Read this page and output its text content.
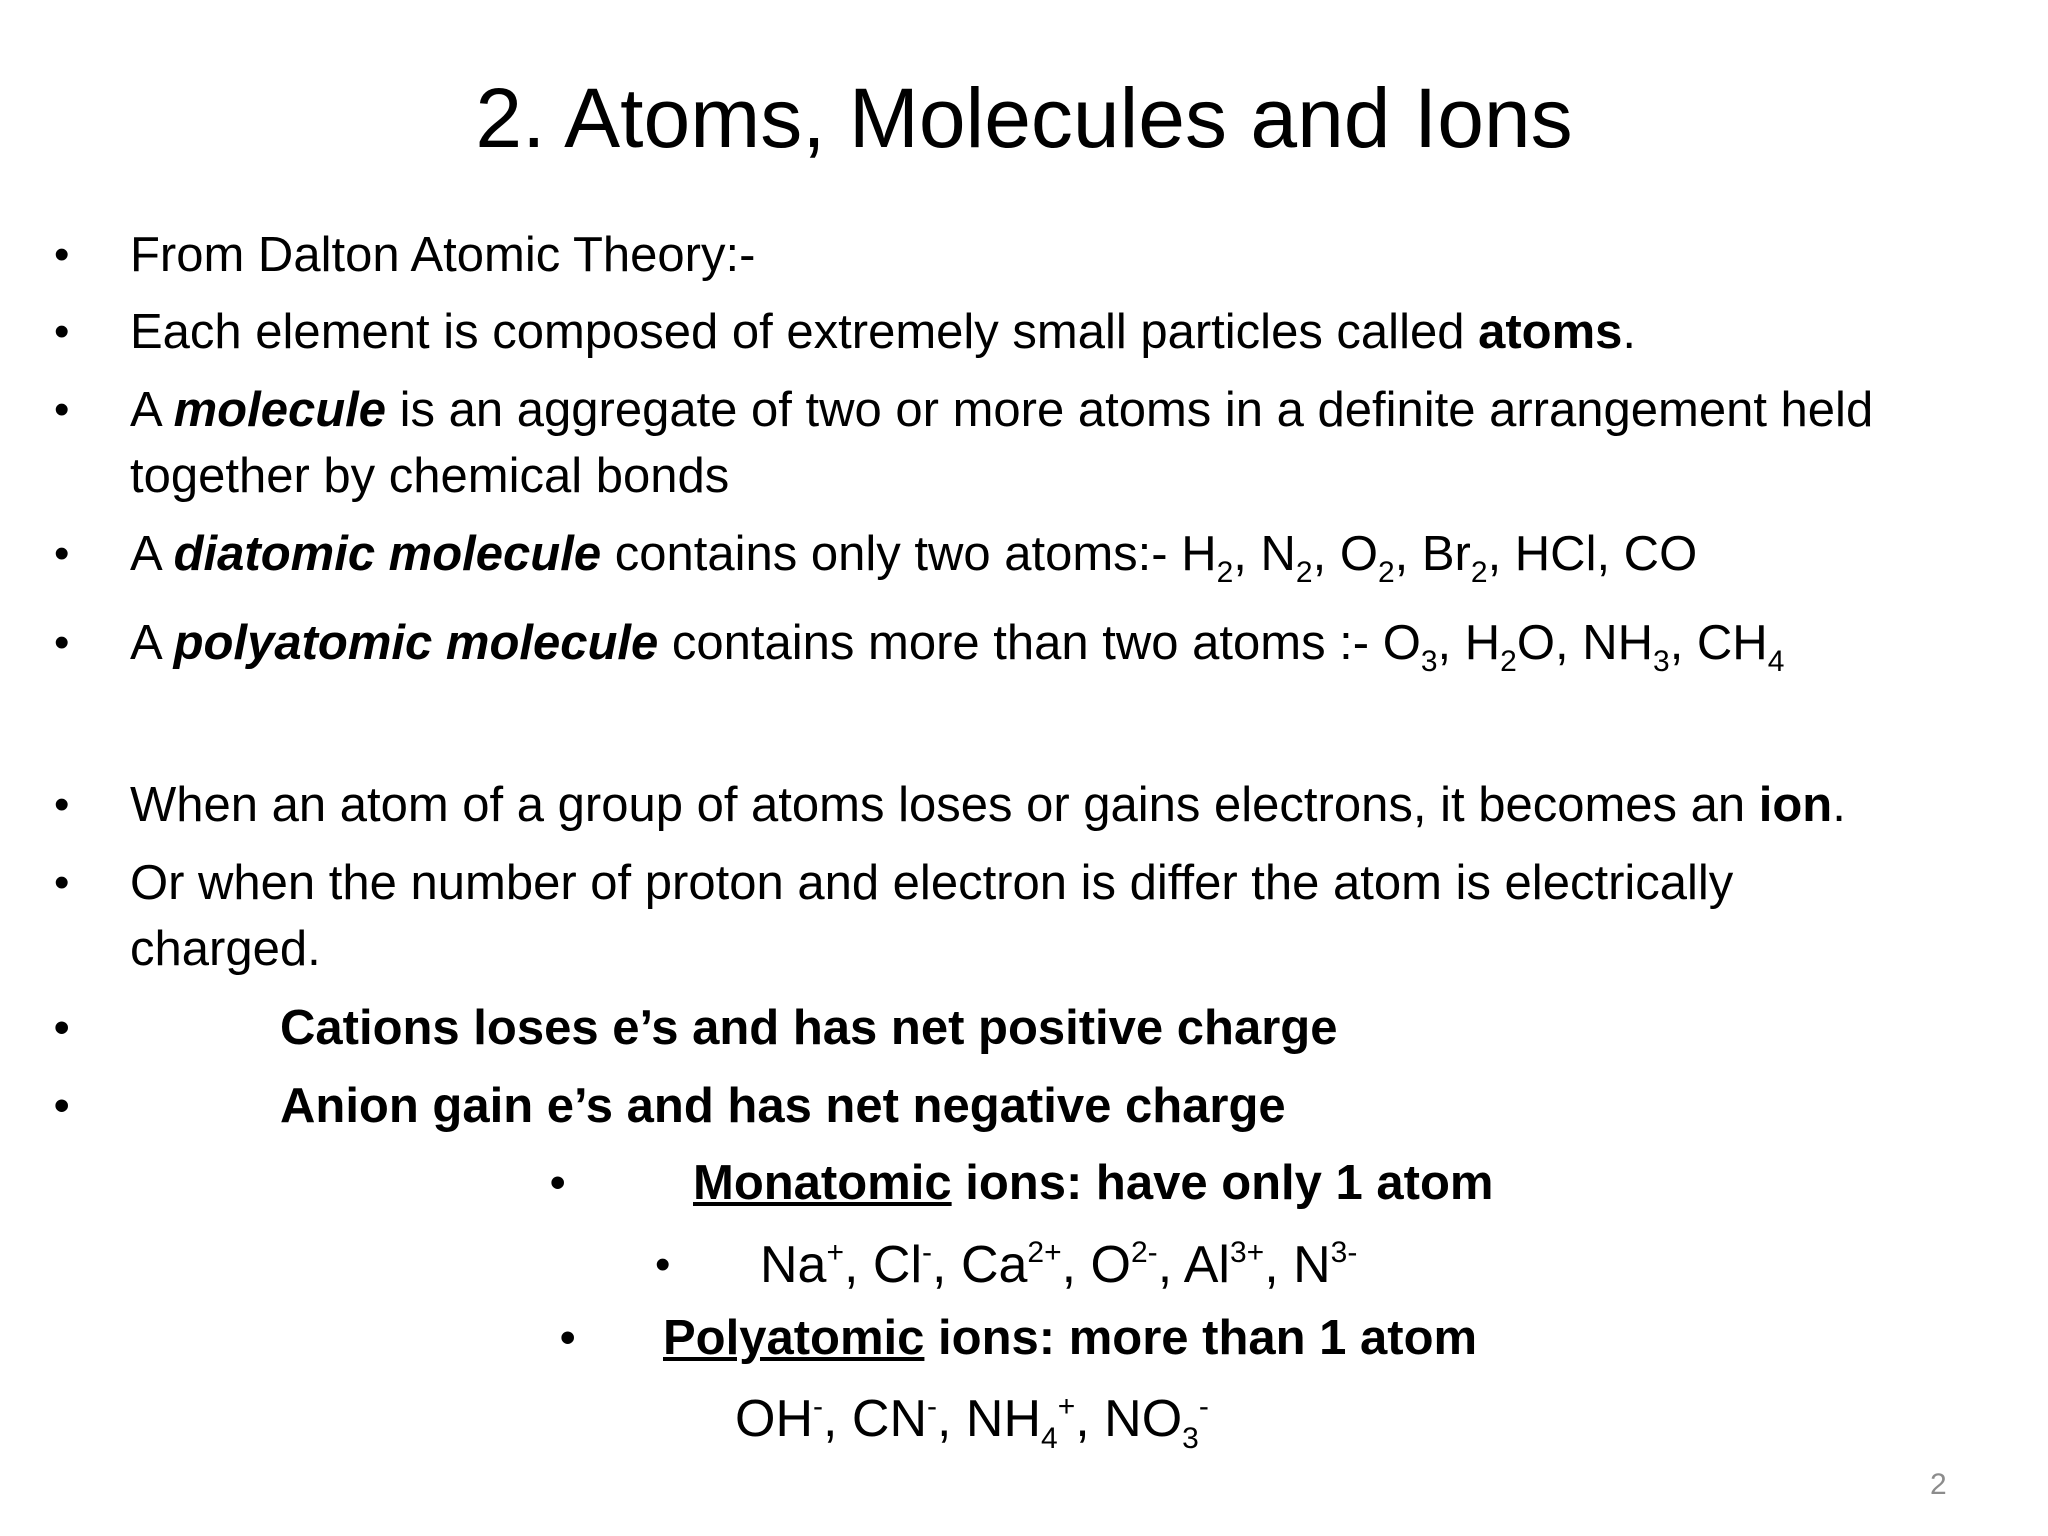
2. Atoms, Molecules and Ions
• From Dalton Atomic Theory:-
• Each element is composed of extremely small particles called atoms.
• A molecule is an aggregate of two or more atoms in a definite arrangement held together by chemical bonds
• A diatomic molecule contains only two atoms:- $H_2$, $N_2$, $O_2$, $Br_2$, HCl, CO
• A polyatomic molecule contains more than two atoms :- $O_3$, $H_2O$, $NH_3$, $CH_4$
• When an atom of a group of atoms loses or gains electrons, it becomes an ion.
• Or when the number of proton and electron is differ the atom is electrically charged.
•	Cations loses e’s and has net positive charge
•	Anion gain e’s and has net negative charge
•	Monatomic ions: have only 1 atom
• Na+, Cl-, $Ca^{2+}$, $O^{2-}$, $Al^{3+}$, $N^{3-}$
• Polyatomic ions: more than 1 atom
OH-, CN-, $NH_4^+$, $NO_3^-$
2
